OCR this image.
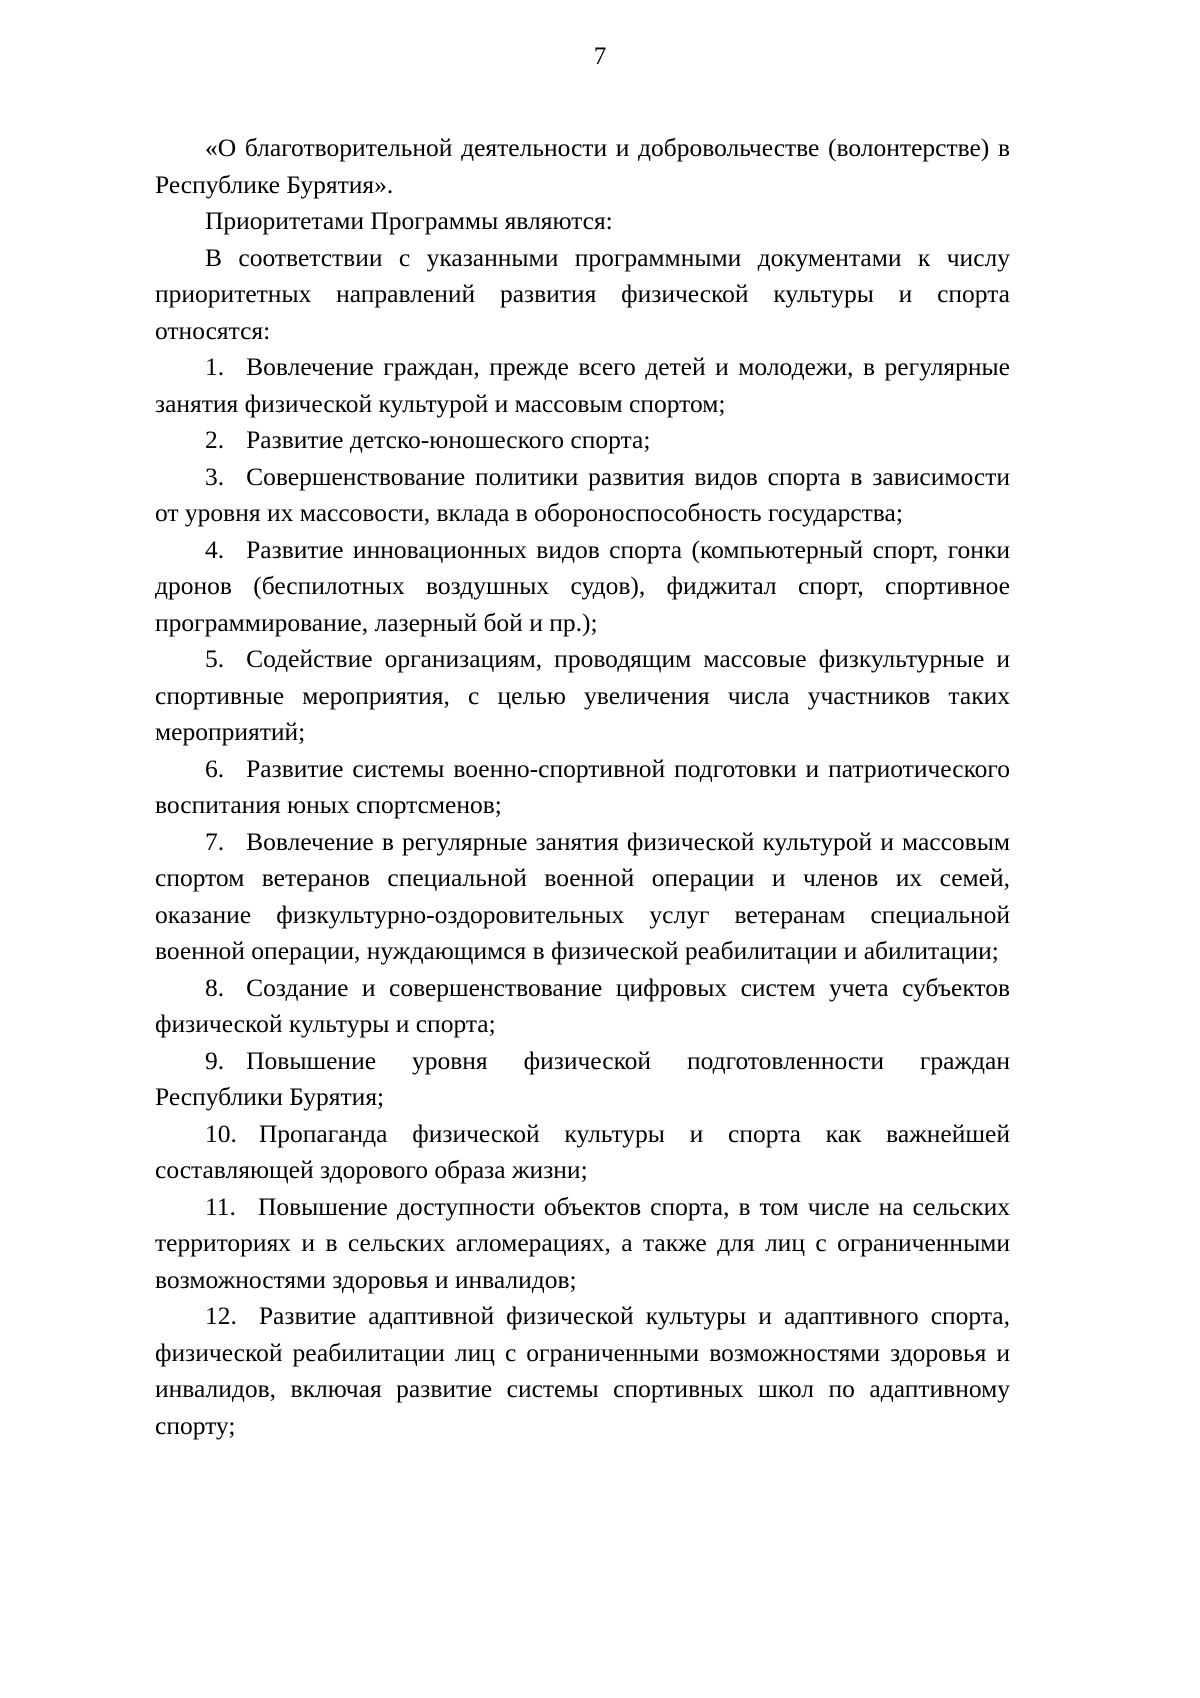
7

«О благотворительной деятельности и добровольчестве (волонтерстве) в Республике Бурятия».

Приоритетами Программы являются:

В соответствии с указанными программными документами к числу приоритетных направлений развития физической культуры и спорта относятся:

1. Вовлечение граждан, прежде всего детей и молодежи, в регулярные занятия физической культурой и массовым спортом;

2. Развитие детско-юношеского спорта;

3. Совершенствование политики развития видов спорта в зависимости от уровня их массовости, вклада в обороноспособность государства;

4. Развитие инновационных видов спорта (компьютерный спорт, гонки дронов (беспилотных воздушных судов), фиджитал спорт, спортивное программирование, лазерный бой и пр.);

5. Содействие организациям, проводящим массовые физкультурные и спортивные мероприятия, с целью увеличения числа участников таких мероприятий;

6. Развитие системы военно-спортивной подготовки и патриотического воспитания юных спортсменов;

7. Вовлечение в регулярные занятия физической культурой и массовым спортом ветеранов специальной военной операции и членов их семей, оказание физкультурно-оздоровительных услуг ветеранам специальной военной операции, нуждающимся в физической реабилитации и абилитации;

8. Создание и совершенствование цифровых систем учета субъектов физической культуры и спорта;

9. Повышение уровня физической подготовленности граждан Республики Бурятия;

10. Пропаганда физической культуры и спорта как важнейшей составляющей здорового образа жизни;

11. Повышение доступности объектов спорта, в том числе на сельских территориях и в сельских агломерациях, а также для лиц с ограниченными возможностями здоровья и инвалидов;

12. Развитие адаптивной физической культуры и адаптивного спорта, физической реабилитации лиц с ограниченными возможностями здоровья и инвалидов, включая развитие системы спортивных школ по адаптивному спорту;
